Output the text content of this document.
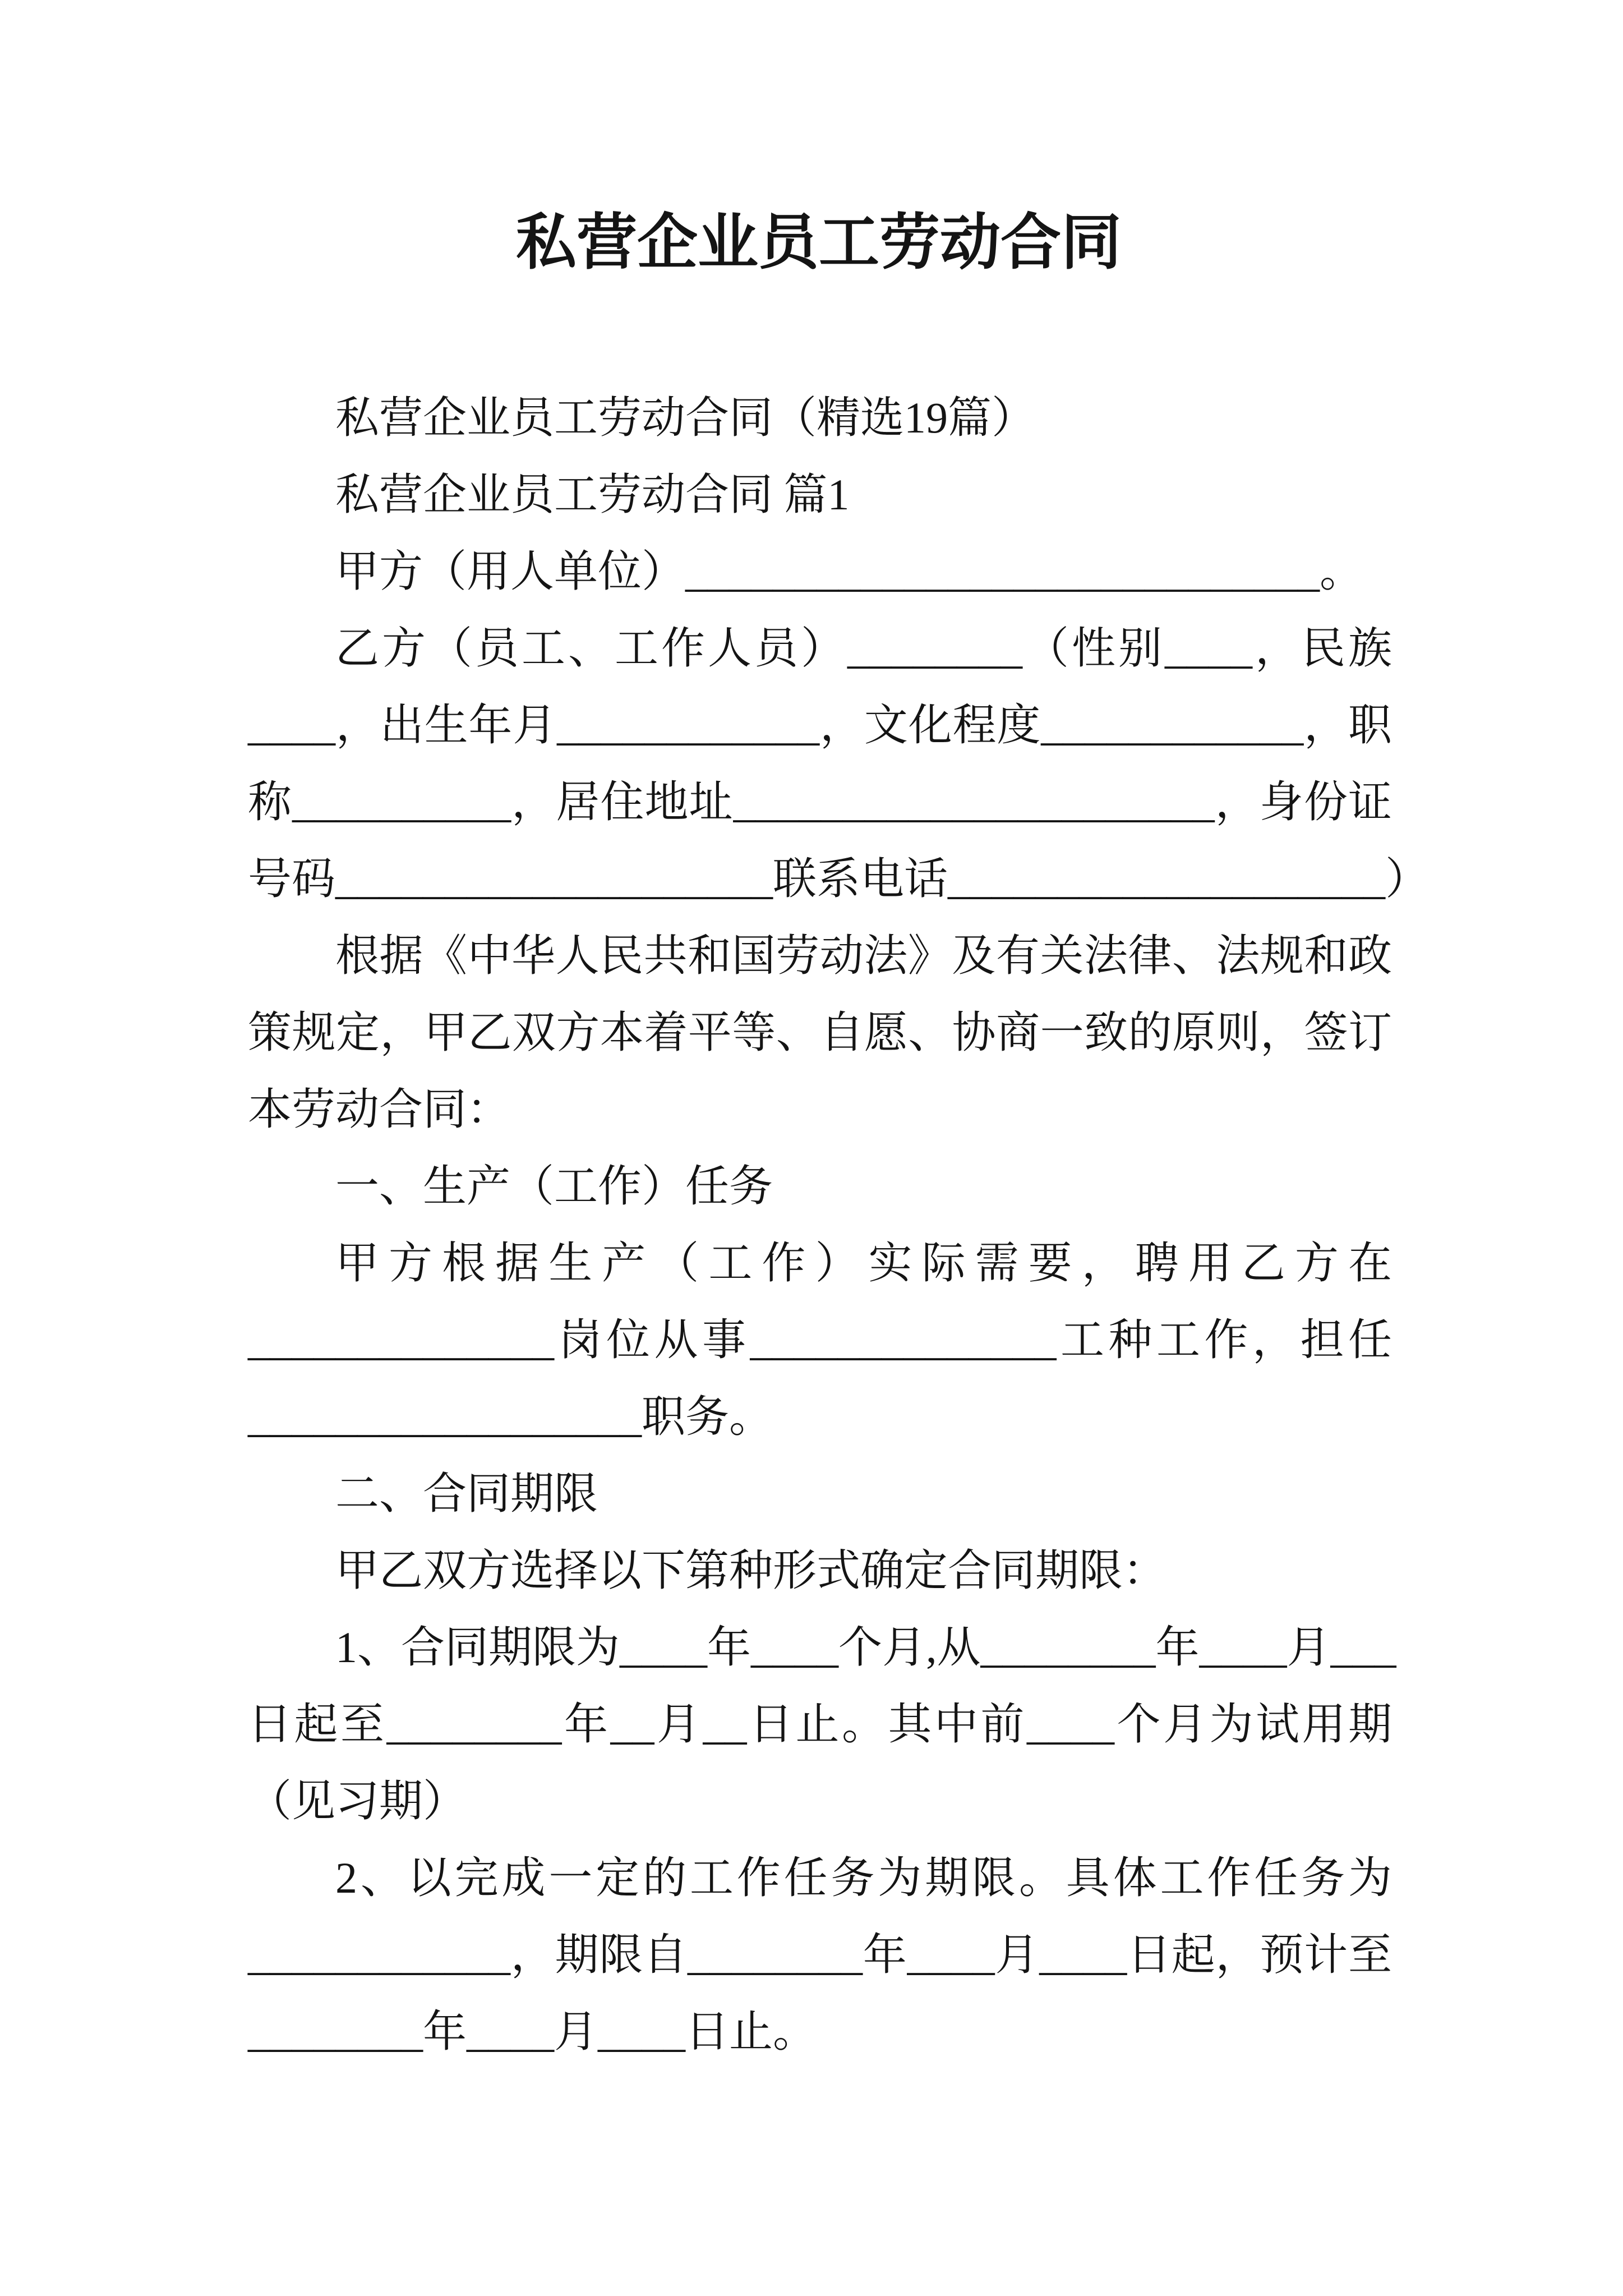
私营企业员工劳动合同
私营企业员工劳动合同（精选19篇）
私营企业员工劳动合同 篇1
甲方（用人单位）_____________________________。
乙方（员工、工作人员）________（性别____，民族
____，出生年月____________，文化程度____________，职
称__________，居住地址______________________，身份证
号码____________________联系电话____________________）
根据《中华人民共和国劳动法》及有关法律、法规和政
策规定，甲乙双方本着平等、自愿、协商一致的原则，签订
本劳动合同：
一、生产（工作）任务
甲方根据生产（工作）实际需要，聘用乙方在
______________岗位从事______________工种工作，担任
__________________职务。
二、合同期限
甲乙双方选择以下第种形式确定合同期限：
1、合同期限为____年____个月,从________年____月___
日起至________年__月__日止。其中前____个月为试用期
（见习期）
2、以完成一定的工作任务为期限。具体工作任务为
____________，期限自________年____月____日起，预计至
________年____月____日止。
